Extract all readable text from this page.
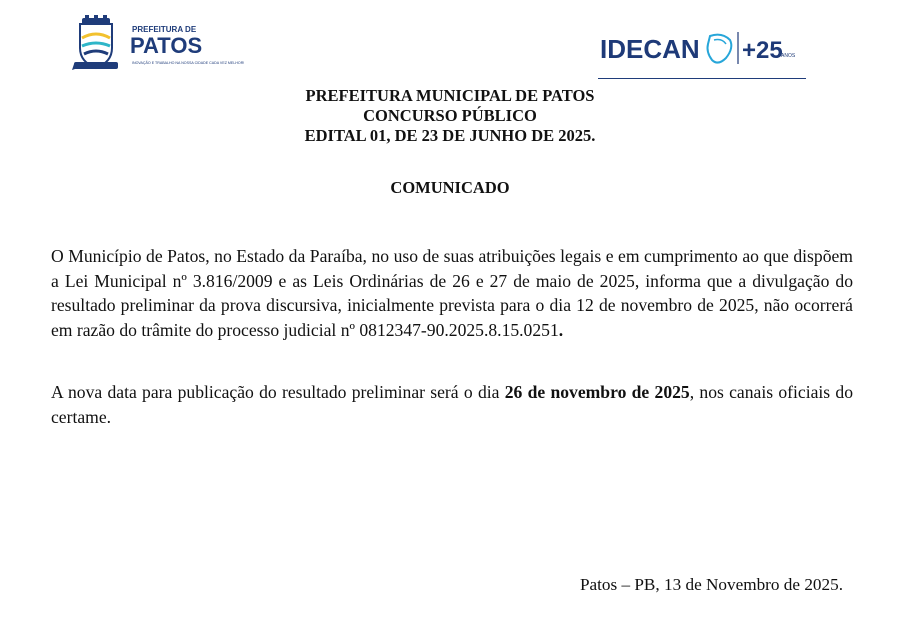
PREFEITURA DE
PATOS
INOVAÇÃO E TRABALHO NA NOSSA CIDADE CADA VEZ MELHOR!	IDECAN +25
ANOS
PREFEITURA MUNICIPAL DE PATOS
CONCURSO PÚBLICO
EDITAL 01, DE 23 DE JUNHO DE 2025.
COMUNICADO

O Município de Patos, no Estado da Paraíba, no uso de suas atribuições legais e em cumprimento ao que dispõem a Lei Municipal nº 3.816/2009 e as Leis Ordinárias de 26 e 27 de maio de 2025, informa que a divulgação do resultado preliminar da prova discursiva, inicialmente prevista para o dia 12 de novembro de 2025, não ocorrerá em razão do trâmite do processo judicial nº 0812347-90.2025.8.15.0251.

A nova data para publicação do resultado preliminar será o dia 26 de novembro de 2025, nos canais oficiais do certame.

Patos – PB, 13 de Novembro de 2025.
